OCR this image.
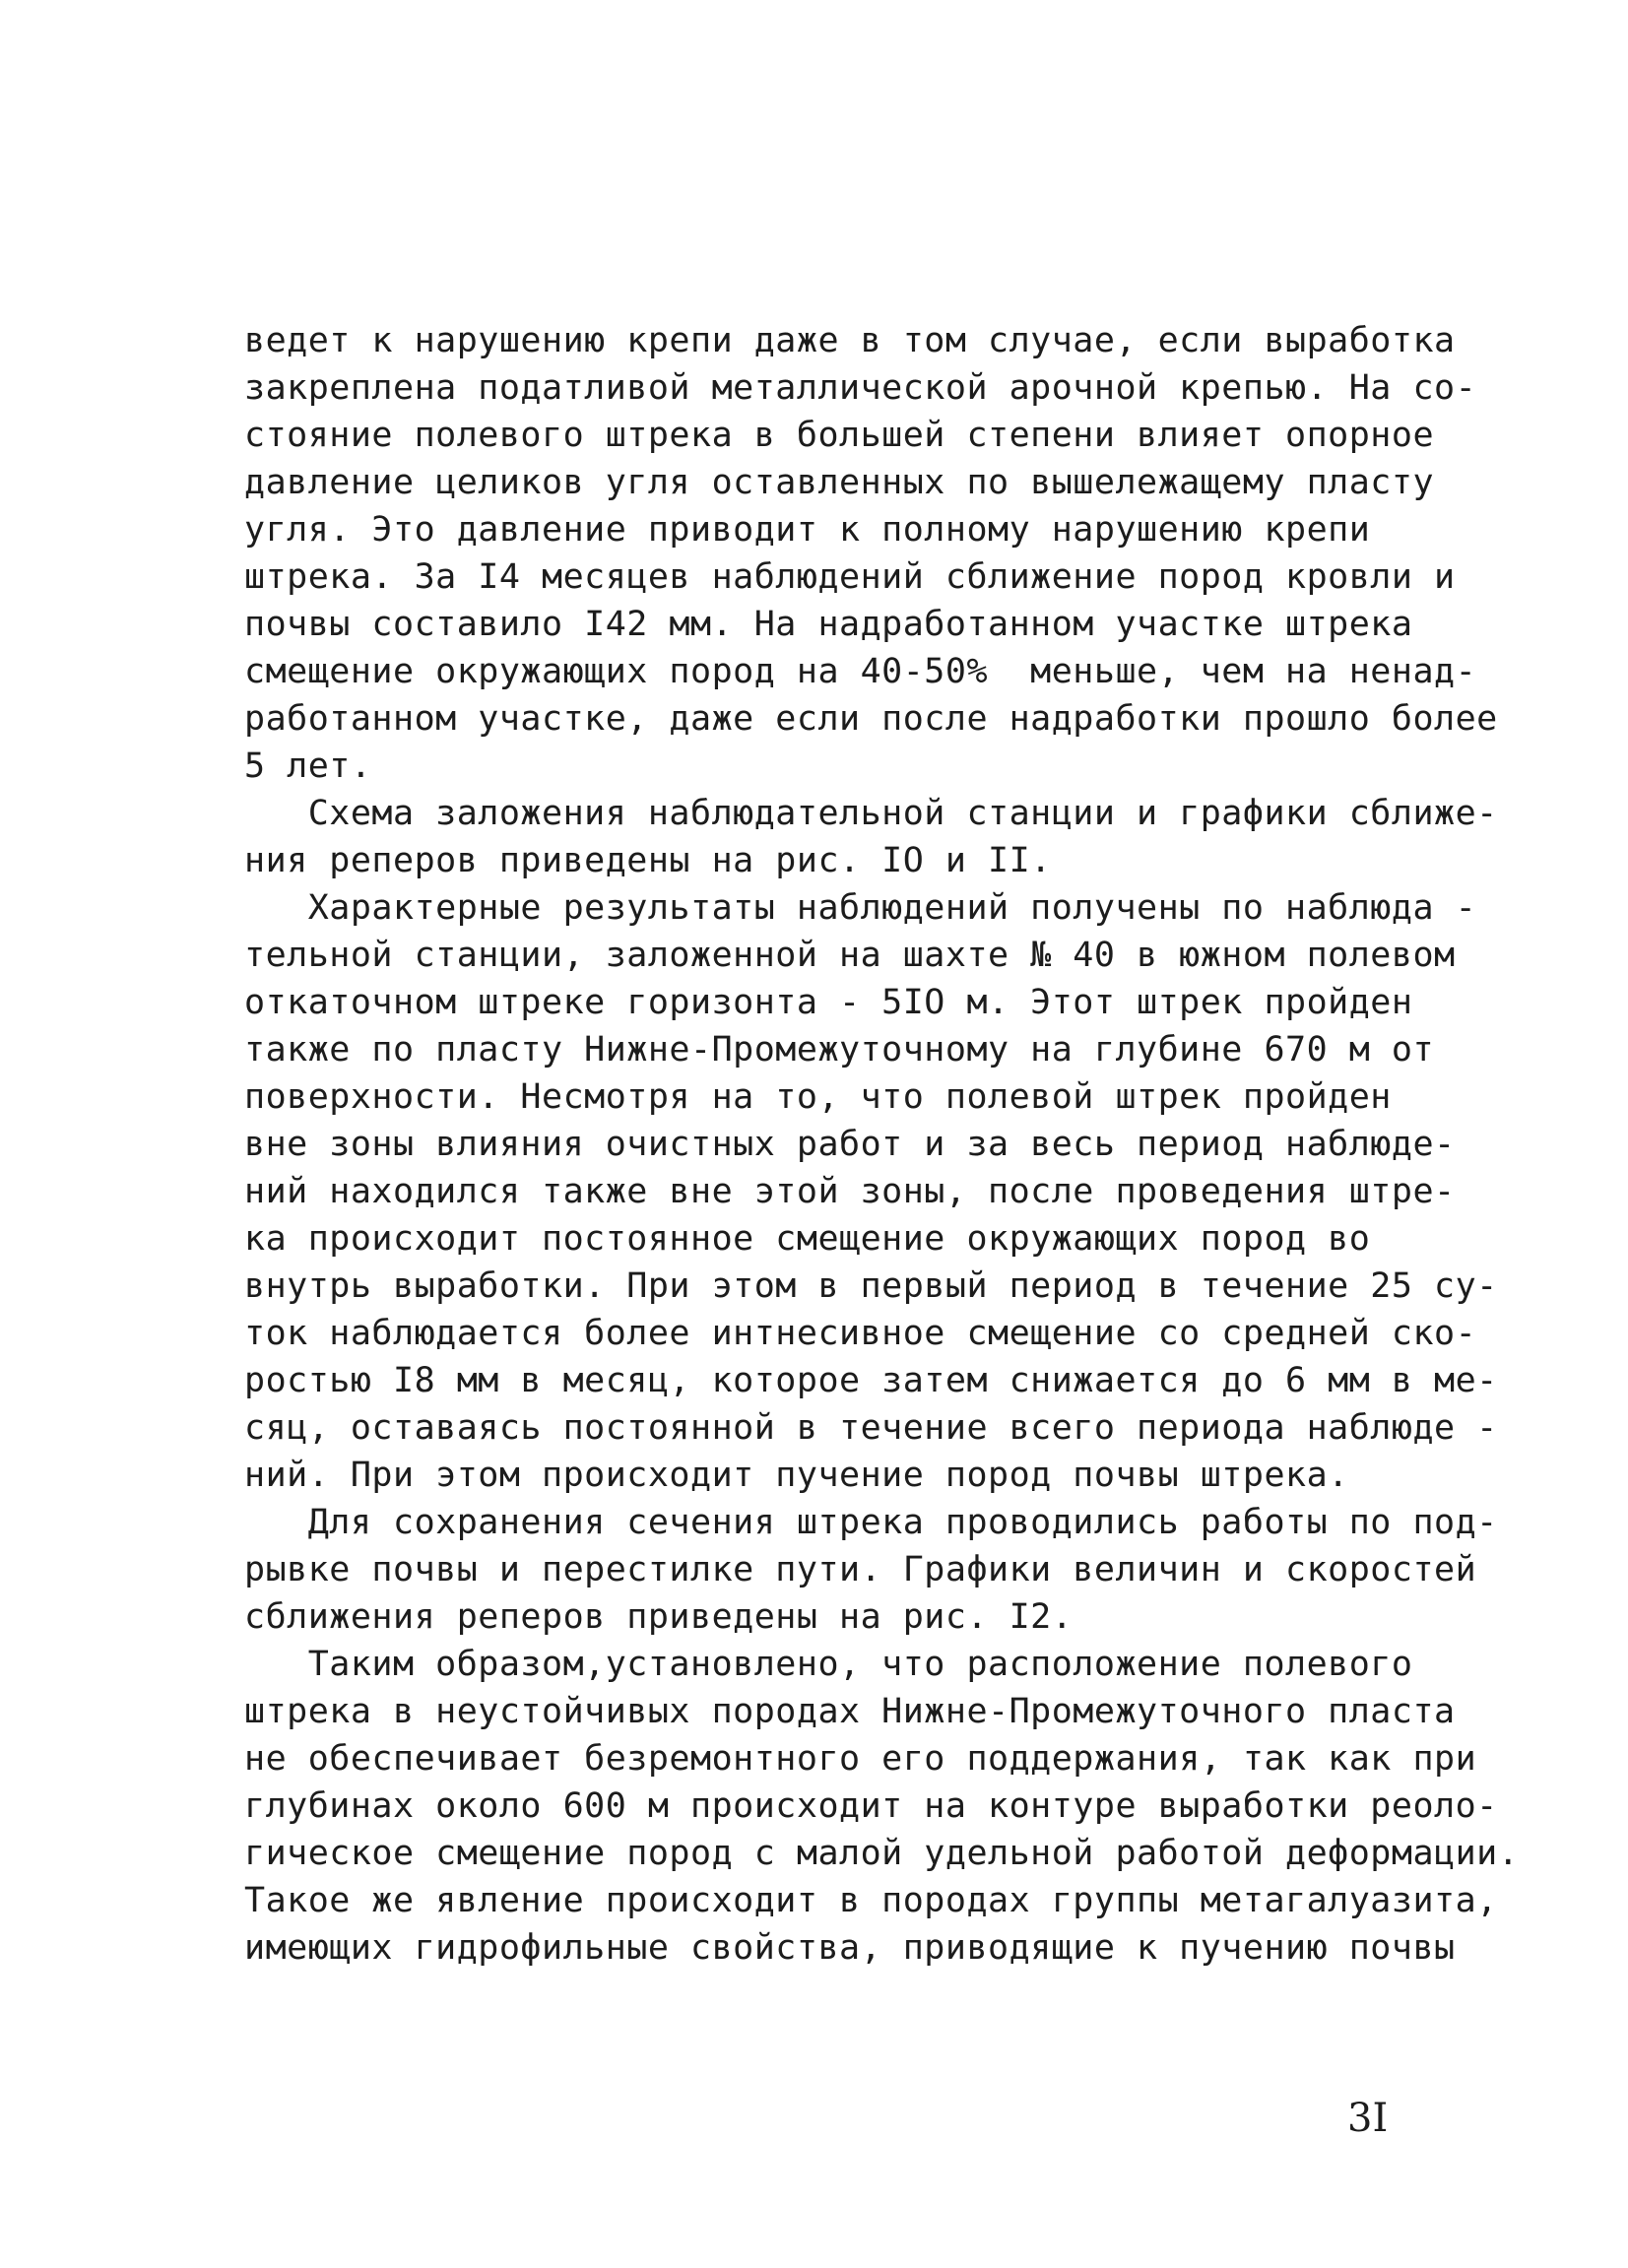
ведет к нарушению крепи даже в том случае, если выработка
закреплена податливой металлической арочной крепью. На со-
стояние полевого штрека в большей степени влияет опорное
давление целиков угля оставленных по вышележащему пласту
угля. Это давление приводит к полному нарушению крепи
штрека. За I4 месяцев наблюдений сближение пород кровли и
почвы составило I42 мм. На надработанном участке штрека
смещение окружающих пород на 40-50%  меньше, чем на ненад-
работанном участке, даже если после надработки прошло более
5 лет.
Схема заложения наблюдательной станции и графики сближе-
ния реперов приведены на рис. IO и II.
Характерные результаты наблюдений получены по наблюда -
тельной станции, заложенной на шахте № 40 в южном полевом
откаточном штреке горизонта - 5IO м. Этот штрек пройден
также по пласту Нижне-Промежуточному на глубине 670 м от
поверхности. Несмотря на то, что полевой штрек пройден
вне зоны влияния очистных работ и за весь период наблюде-
ний находился также вне этой зоны, после проведения штре-
ка происходит постоянное смещение окружающих пород во
внутрь выработки. При этом в первый период в течение 25 су-
ток наблюдается более интнесивное смещение со средней ско-
ростью I8 мм в месяц, которое затем снижается до 6 мм в ме-
сяц, оставаясь постоянной в течение всего периода наблюде -
ний. При этом происходит пучение пород почвы штрека.
Для сохранения сечения штрека проводились работы по под-
рывке почвы и перестилке пути. Графики величин и скоростей
сближения реперов приведены на рис. I2.
Таким образом,установлено, что расположение полевого
штрека в неустойчивых породах Нижне-Промежуточного пласта
не обеспечивает безремонтного его поддержания, так как при
глубинах около 600 м происходит на контуре выработки реоло-
гическое смещение пород с малой удельной работой деформации.
Такое же явление происходит в породах группы метагалуазита,
имеющих гидрофильные свойства, приводящие к пучению почвы
3I
